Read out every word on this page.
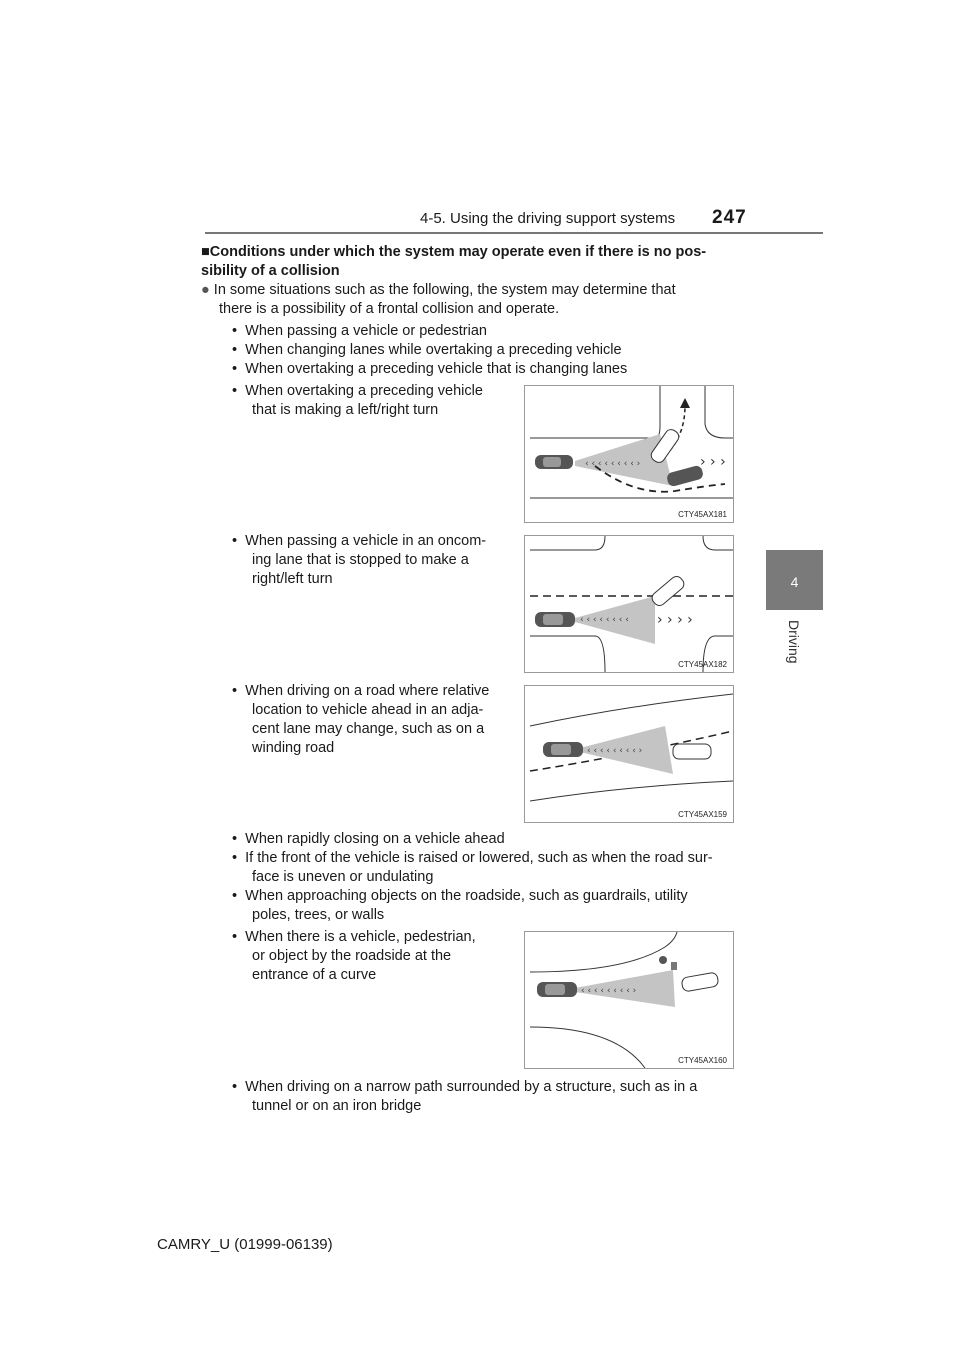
4-5. Using the driving support systems 247
4
Driving
■Conditions under which the system may operate even if there is no pos-
sibility of a collision
● In some situations such as the following, the system may determine that
there is a possibility of a frontal collision and operate.
•  When passing a vehicle or pedestrian
•  When changing lanes while overtaking a preceding vehicle
•  When overtaking a preceding vehicle that is changing lanes
•  When overtaking a preceding vehicle
that is making a left/right turn
‹ ‹ ‹ ‹ ‹ ‹ ‹ ‹ ›	› › ›
CTY45AX181
•  When passing a vehicle in an oncom-
ing lane that is stopped to make a
right/left turn
‹ ‹ ‹ ‹ ‹ ‹ ‹ ‹ › › › ›
CTY45AX182
•  When driving on a road where relative
location to vehicle ahead in an adja-
cent lane may change, such as on a
winding road	‹ ‹ ‹ ‹ ‹ ‹ ‹ ‹ ›
CTY45AX159
•  When rapidly closing on a vehicle ahead
•  If the front of the vehicle is raised or lowered, such as when the road sur-
face is uneven or undulating
•  When approaching objects on the roadside, such as guardrails, utility
poles, trees, or walls
•  When there is a vehicle, pedestrian,
or object by the roadside at the
entrance of a curve
‹ ‹ ‹ ‹ ‹ ‹ ‹ ‹ ›
CTY45AX160
•  When driving on a narrow path surrounded by a structure, such as in a
tunnel or on an iron bridge
CAMRY_U (01999-06139)
